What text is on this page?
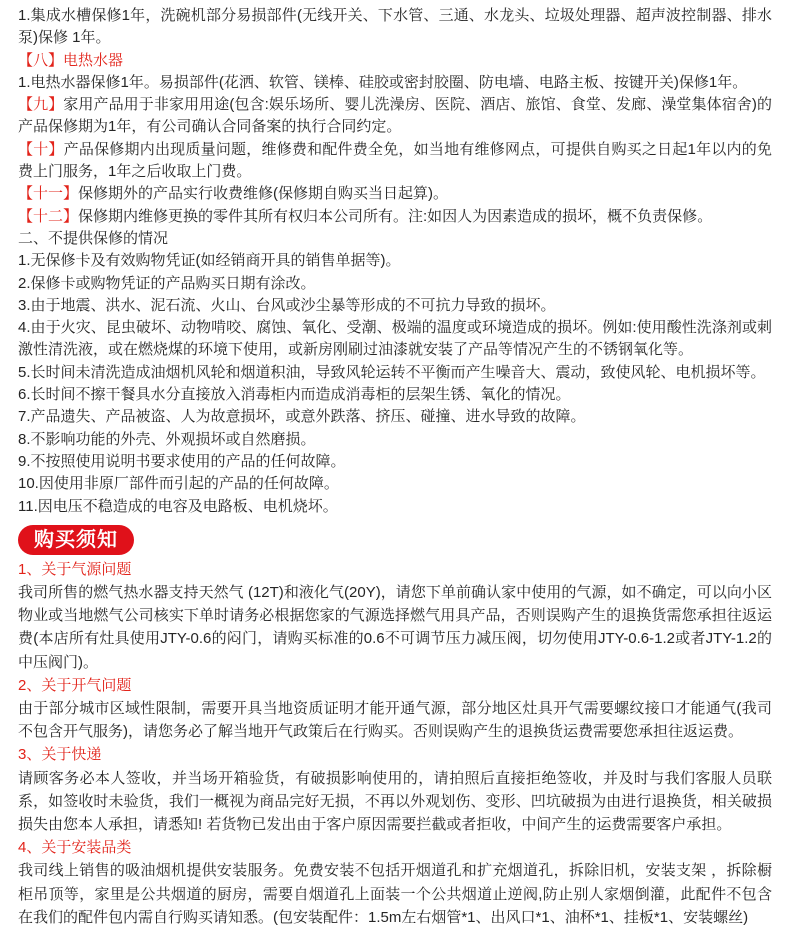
1.集成水槽保修1年，洗碗机部分易损部件(无线开关、下水管、三通、水龙头、垃圾处理器、超声波控制器、排水泵)保修 1年。

【八】电热水器

1.电热水器保修1年。易损部件(花洒、软管、镁棒、硅胶或密封胶圈、防电墙、电路主板、按键开关)保修1年。

【九】家用产品用于非家用用途(包含:娱乐场所、婴儿洗澡房、医院、酒店、旅馆、食堂、发廊、澡堂集体宿舍)的产品保修期为1年，有公司确认合同备案的执行合同约定。

【十】产品保修期内出现质量问题，维修费和配件费全免，如当地有维修网点，可提供自购买之日起1年以内的免费上门服务，1年之后收取上门费。

【十一】保修期外的产品实行收费维修(保修期自购买当日起算)。

【十二】保修期内维修更换的零件其所有权归本公司所有。注:如因人为因素造成的损坏，概不负责保修。

二、不提供保修的情况

1.无保修卡及有效购物凭证(如经销商开具的销售单据等)。

2.保修卡或购物凭证的产品购买日期有涂改。

3.由于地震、洪水、泥石流、火山、台风或沙尘暴等形成的不可抗力导致的损坏。

4.由于火灾、昆虫破坏、动物啃咬、腐蚀、氧化、受潮、极端的温度或环境造成的损坏。例如:使用酸性洗涤剂或刺激性清洗液，或在燃烧煤的环境下使用，或新房刚刷过油漆就安装了产品等情况产生的不锈钢氧化等。

5.长时间未清洗造成油烟机风轮和烟道积油，导致风轮运转不平衡而产生噪音大、震动，致使风轮、电机损坏等。

6.长时间不擦干餐具水分直接放入消毒柜内而造成消毒柜的层架生锈、氧化的情况。

7.产品遗失、产品被盗、人为故意损坏，或意外跌落、挤压、碰撞、进水导致的故障。

8.不影响功能的外壳、外观损坏或自然磨损。

9.不按照使用说明书要求使用的产品的任何故障。

10.因使用非原厂部件而引起的产品的任何故障。

11.因电压不稳造成的电容及电路板、电机烧坏。

购买须知

1、关于气源问题

我司所售的燃气热水器支持天然气 (12T)和液化气(20Y)，请您下单前确认家中使用的气源，如不确定，可以向小区物业或当地燃气公司核实下单时请务必根据您家的气源选择燃气用具产品，否则误购产生的退换货需您承担往返运费(本店所有灶具使用JTY-0.6的闷门，请购买标准的0.6不可调节压力减压阀，切勿使用JTY-0.6-1.2或者JTY-1.2的中压阀门)。

2、关于开气问题

由于部分城市区域性限制，需要开具当地资质证明才能开通气源，部分地区灶具开气需要螺纹接口才能通气(我司不包含开气服务)，请您务必了解当地开气政策后在行购买。否则误购产生的退换货运费需要您承担往返运费。

3、关于快递

请顾客务必本人签收，并当场开箱验货，有破损影响使用的，请拍照后直接拒绝签收，并及时与我们客服人员联系，如签收时未验货，我们一概视为商品完好无损，不再以外观划伤、变形、凹坑破损为由进行退换货，相关破损损失由您本人承担，请悉知! 若货物已发出由于客户原因需要拦截或者拒收，中间产生的运费需要客户承担。

4、关于安装品类

我司线上销售的吸油烟机提供安装服务。免费安装不包括开烟道孔和扩充烟道孔，拆除旧机，安装支架 ，拆除橱柜吊顶等，家里是公共烟道的厨房，需要自烟道孔上面装一个公共烟道止逆阀,防止别人家烟倒灌，此配件不包含在我们的配件包内需自行购买请知悉。(包安装配件：1.5m左右烟管*1、出风口*1、油杯*1、挂板*1、安装螺丝)
